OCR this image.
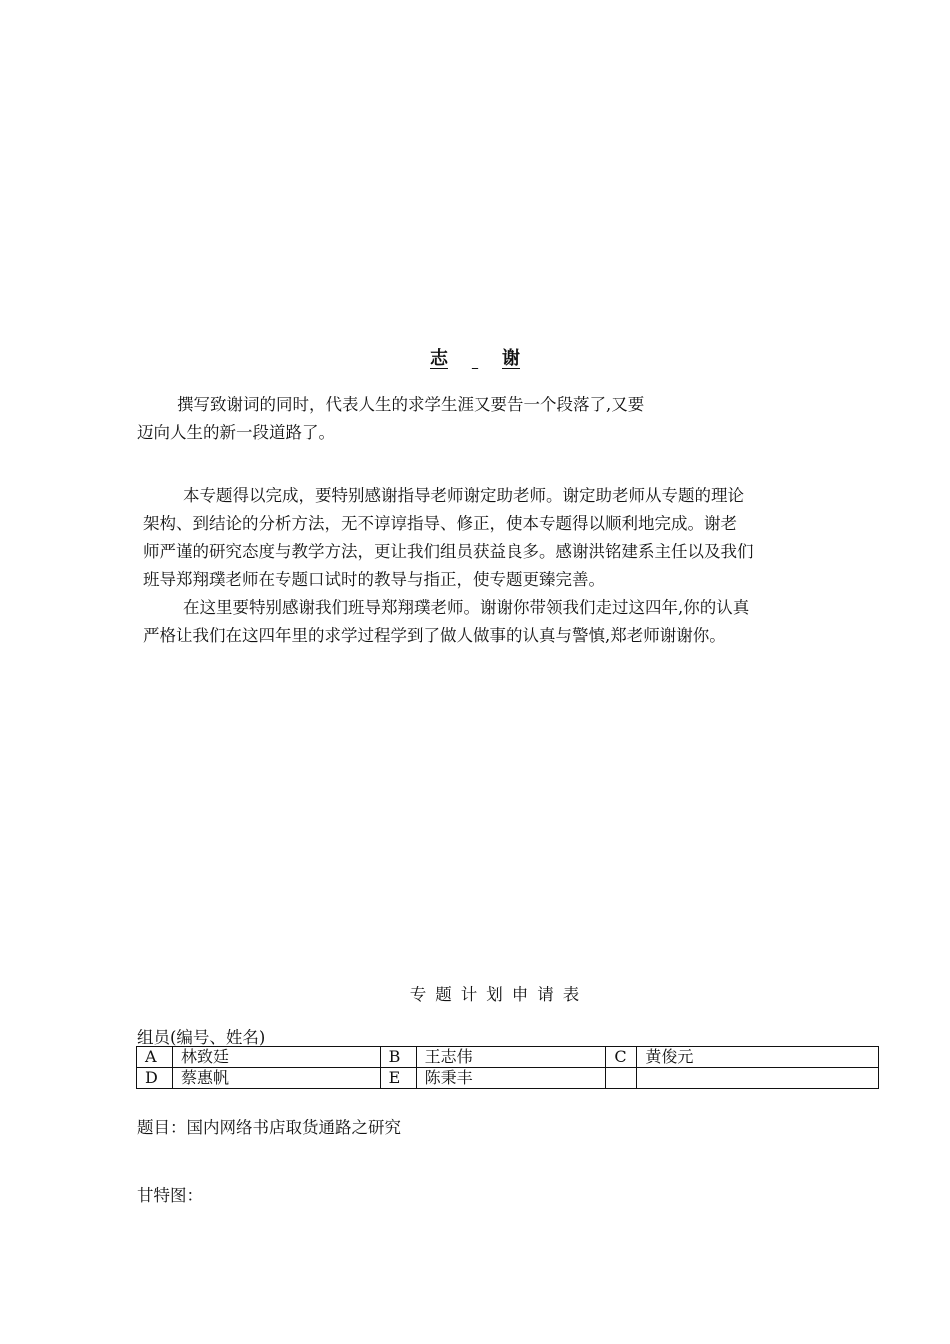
志	谢
撰写致谢词的同时，代表人生的求学生涯又要告一个段落了,又要
迈向人生的新一段道路了。
本专题得以完成，要特别感谢指导老师谢定助老师。谢定助老师从专题的理论
架构、到结论的分析方法，无不谆谆指导、修正，使本专题得以顺利地完成。谢老
师严谨的研究态度与教学方法，更让我们组员获益良多。感谢洪铭建系主任以及我们
班导郑翔璞老师在专题口试时的教导与指正，使专题更臻完善。
在这里要特别感谢我们班导郑翔璞老师。谢谢你带领我们走过这四年,你的认真
严格让我们在这四年里的求学过程学到了做人做事的认真与警慎,郑老师谢谢你。
专题计划申请表
组员(编号、姓名)
A	林致廷	B	王志伟	C	黄俊元
D	蔡惠帆	E	陈秉丰		
题目：国内网络书店取货通路之研究
甘特图：
